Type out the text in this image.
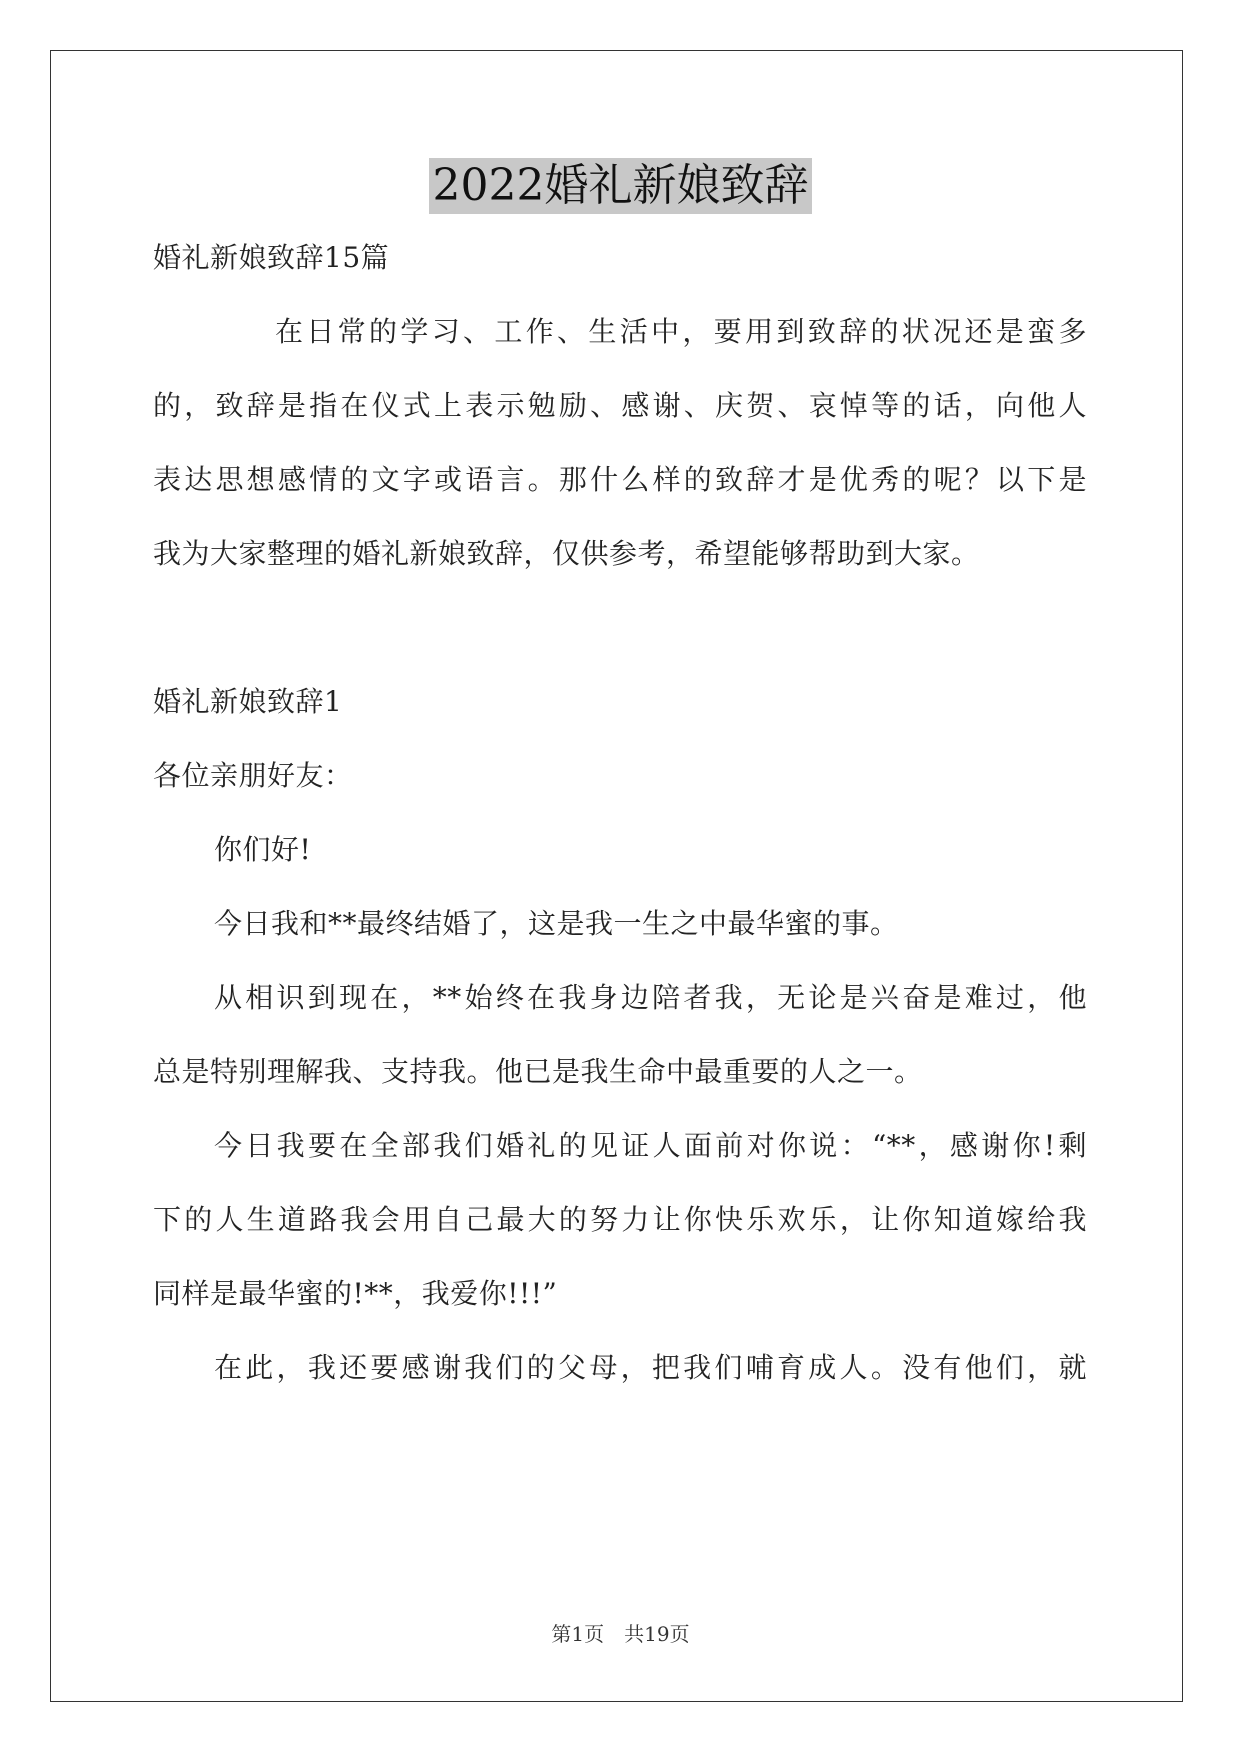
2022婚礼新娘致辞
婚礼新娘致辞15篇
在日常的学习、工作、生活中，要用到致辞的状况还是蛮多
的，致辞是指在仪式上表示勉励、感谢、庆贺、哀悼等的话，向他人
表达思想感情的文字或语言。那什么样的致辞才是优秀的呢？以下是
我为大家整理的婚礼新娘致辞，仅供参考，希望能够帮助到大家。
婚礼新娘致辞1
各位亲朋好友：
你们好!
今日我和**最终结婚了，这是我一生之中最华蜜的事。
从相识到现在，**始终在我身边陪者我，无论是兴奋是难过，他
总是特别理解我、支持我。他已是我生命中最重要的人之一。
今日我要在全部我们婚礼的见证人面前对你说：“**，感谢你!剩
下的人生道路我会用自己最大的努力让你快乐欢乐，让你知道嫁给我
同样是最华蜜的!**，我爱你!!!”
在此，我还要感谢我们的父母，把我们哺育成人。没有他们，就
第1页　共19页
